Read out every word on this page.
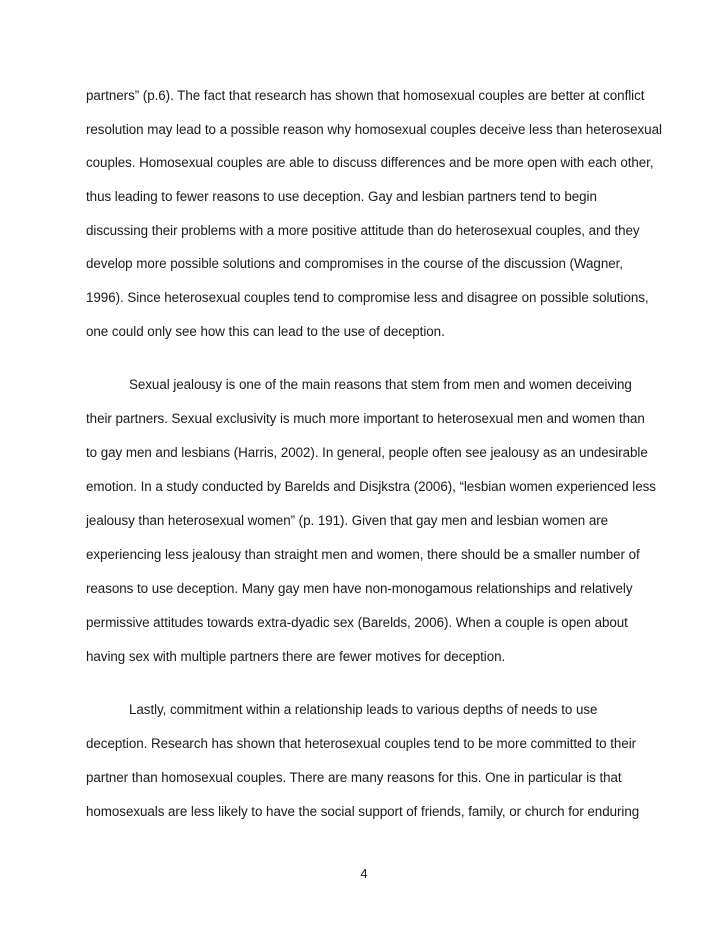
partners” (p.6). The fact that research has shown that homosexual couples are better at conflict
resolution may lead to a possible reason why homosexual couples deceive less than heterosexual
couples. Homosexual couples are able to discuss differences and be more open with each other,
thus leading to fewer reasons to use deception. Gay and lesbian partners tend to begin
discussing their problems with a more positive attitude than do heterosexual couples, and they
develop more possible solutions and compromises in the course of the discussion (Wagner,
1996). Since heterosexual couples tend to compromise less and disagree on possible solutions,
one could only see how this can lead to the use of deception.
Sexual jealousy is one of the main reasons that stem from men and women deceiving
their partners. Sexual exclusivity is much more important to heterosexual men and women than
to gay men and lesbians (Harris, 2002). In general, people often see jealousy as an undesirable
emotion. In a study conducted by Barelds and Disjkstra (2006), “lesbian women experienced less
jealousy than heterosexual women” (p. 191). Given that gay men and lesbian women are
experiencing less jealousy than straight men and women, there should be a smaller number of
reasons to use deception. Many gay men have non-monogamous relationships and relatively
permissive attitudes towards extra-dyadic sex (Barelds, 2006). When a couple is open about
having sex with multiple partners there are fewer motives for deception.
Lastly, commitment within a relationship leads to various depths of needs to use
deception. Research has shown that heterosexual couples tend to be more committed to their
partner than homosexual couples. There are many reasons for this. One in particular is that
homosexuals are less likely to have the social support of friends, family, or church for enduring
4
